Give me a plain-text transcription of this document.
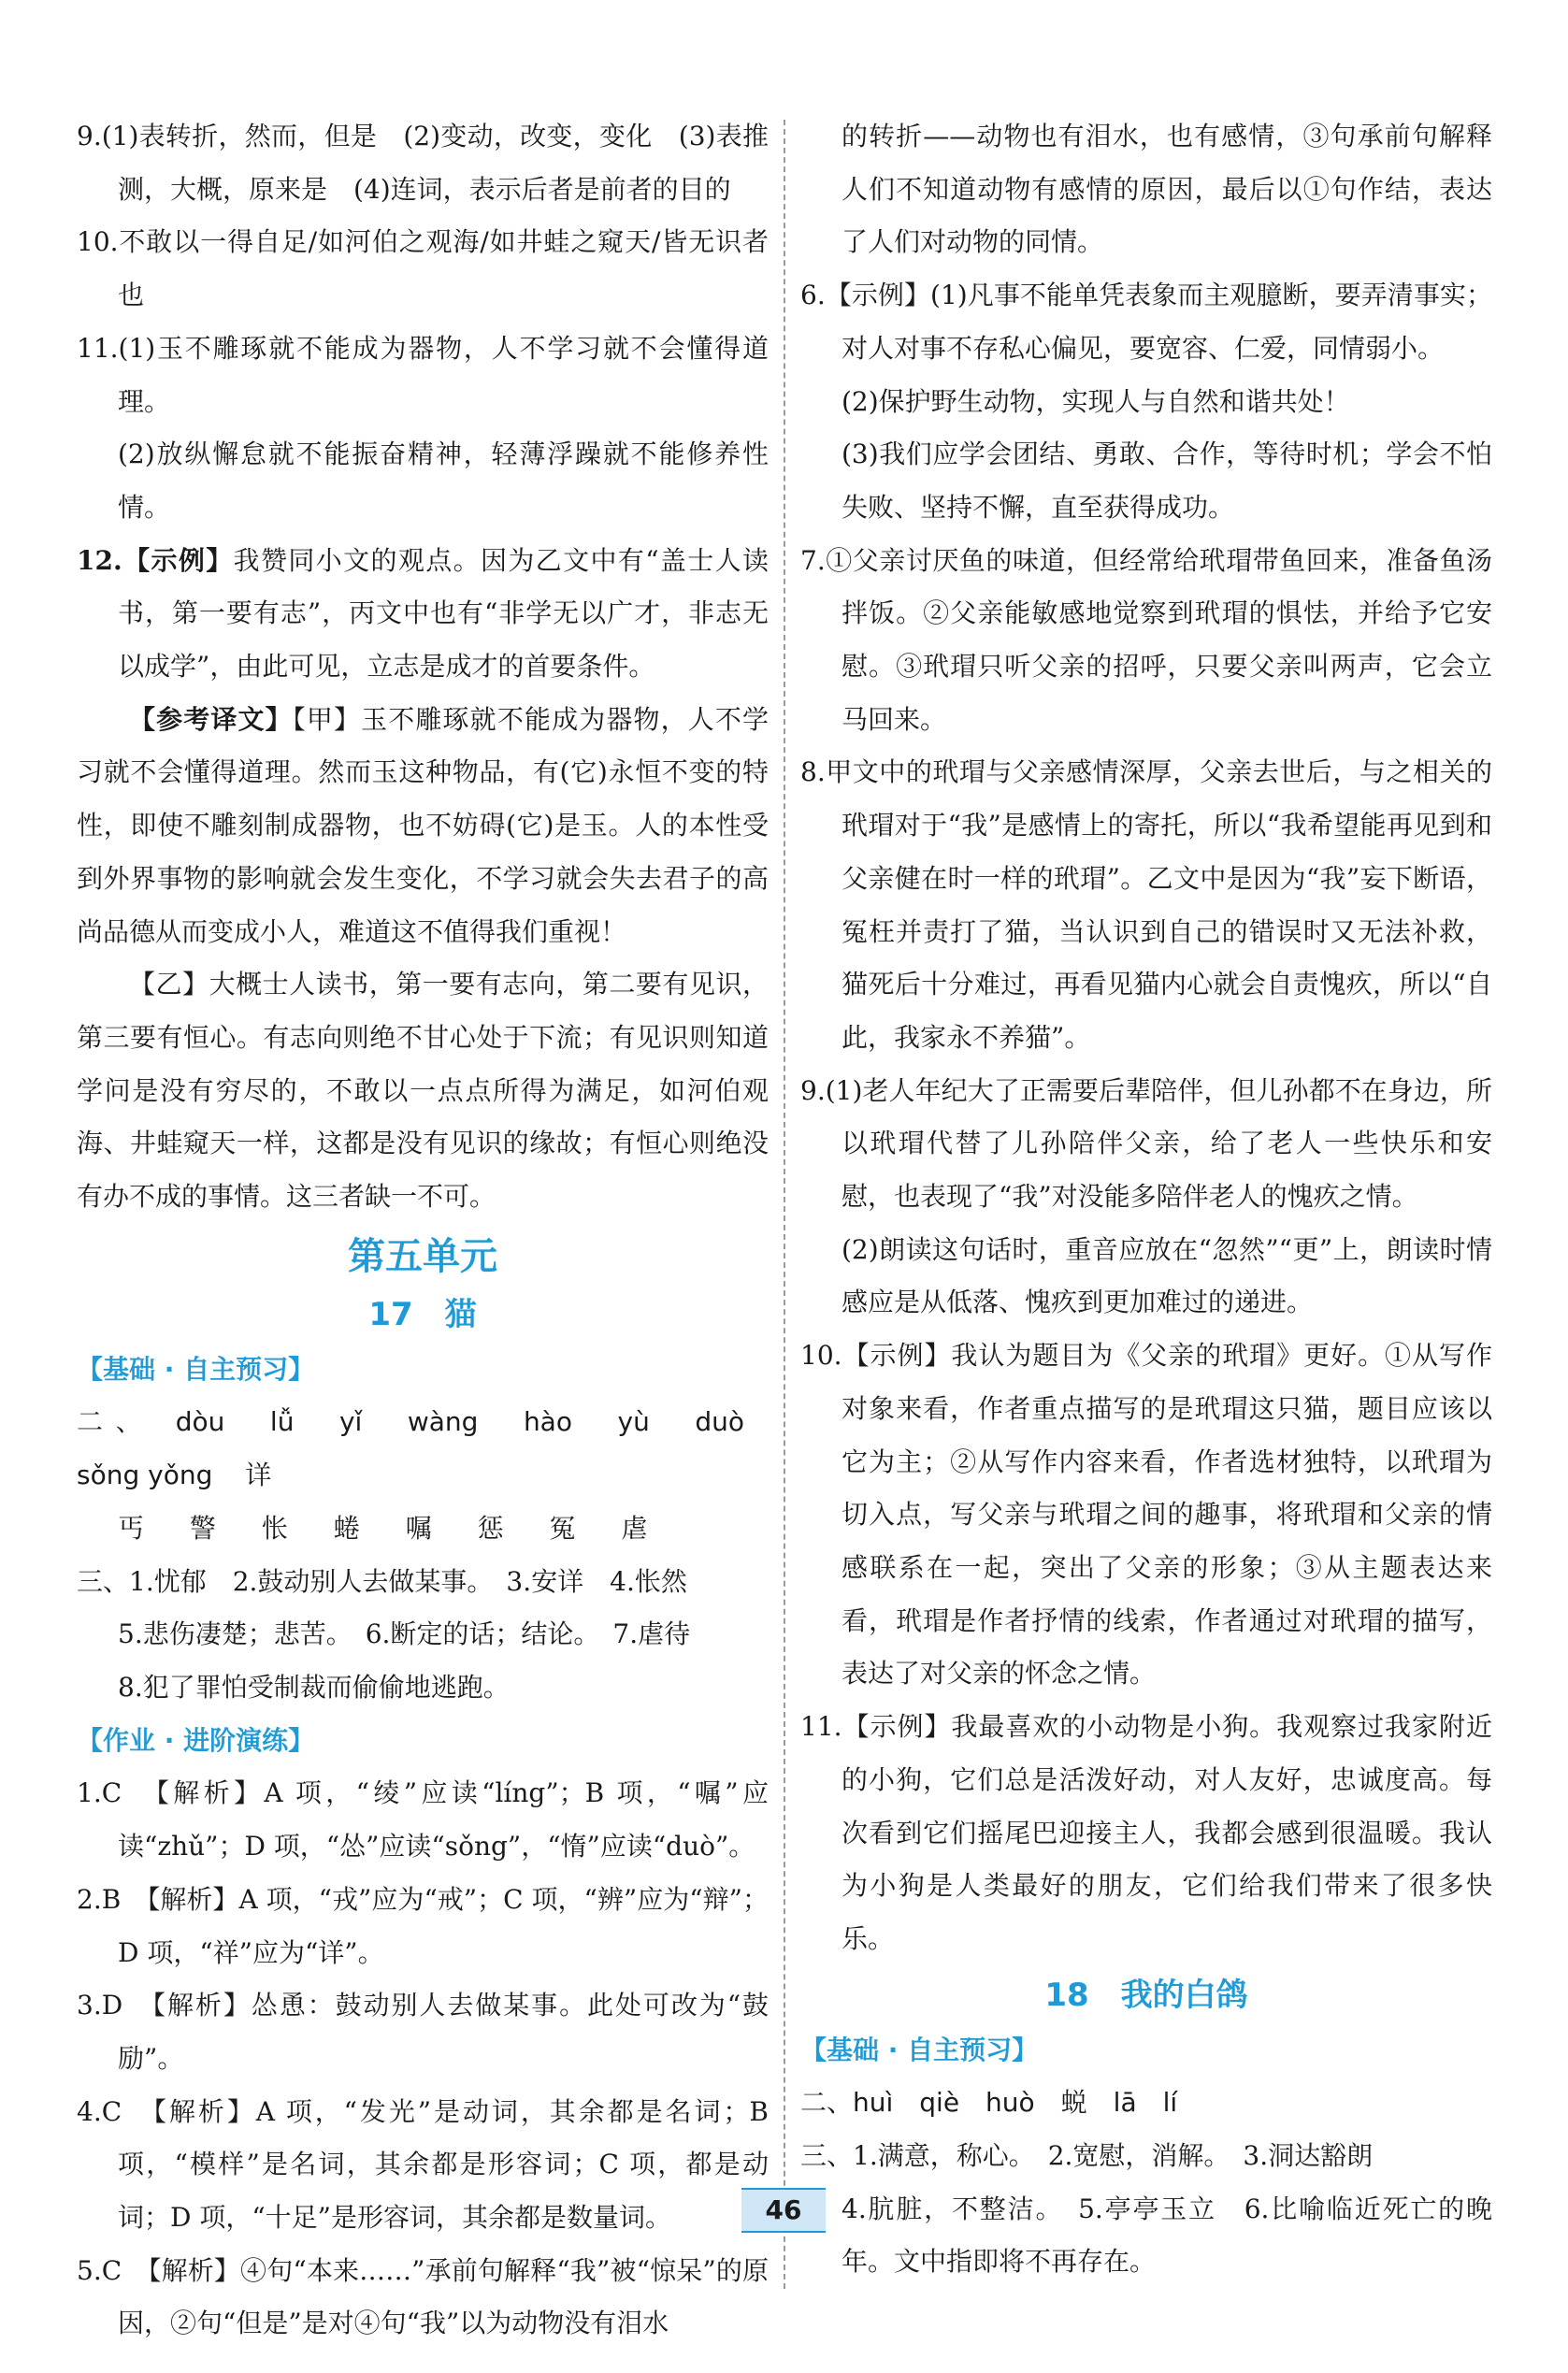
9.(1)表转折，然而，但是　(2)变动，改变，变化　(3)表推测，大概，原来是　(4)连词，表示后者是前者的目的
10.不敢以一得自足/如河伯之观海/如井蛙之窥天/皆无识者也
11.(1)玉不雕琢就不能成为器物，人不学习就不会懂得道理。
(2)放纵懈怠就不能振奋精神，轻薄浮躁就不能修养性情。
12.【示例】我赞同小文的观点。因为乙文中有“盖士人读书，第一要有志”，丙文中也有“非学无以广才，非志无以成学”，由此可见，立志是成才的首要条件。
【参考译文】【甲】玉不雕琢就不能成为器物，人不学习就不会懂得道理。然而玉这种物品，有(它)永恒不变的特性，即使不雕刻制成器物，也不妨碍(它)是玉。人的本性受到外界事物的影响就会发生变化，不学习就会失去君子的高尚品德从而变成小人，难道这不值得我们重视！
【乙】大概士人读书，第一要有志向，第二要有见识，第三要有恒心。有志向则绝不甘心处于下流；有见识则知道学问是没有穷尽的，不敢以一点点所得为满足，如河伯观海、井蛙窥天一样，这都是没有见识的缘故；有恒心则绝没有办不成的事情。这三者缺一不可。
第五单元
17　猫
【基础 · 自主预习】
二、 dòu lǚ yǐ wàng hào yù duò sǒng yǒng 详
丐 警 怅 蜷 嘱 惩 冤 虐
三、1.忧郁　2.鼓动别人去做某事。　3.安详　4.怅然
5.悲伤凄楚；悲苦。　6.断定的话；结论。　7.虐待
8.犯了罪怕受制裁而偷偷地逃跑。
【作业 · 进阶演练】
1.C　【解析】A 项，“绫”应读“líng”；B 项，“嘱”应读“zhǔ”；D 项，“怂”应读“sǒng”，“惰”应读“duò”。
2.B　【解析】A 项，“戎”应为“戒”；C 项，“辨”应为“辩”；D 项，“祥”应为“详”。
3.D　【解析】怂恿：鼓动别人去做某事。此处可改为“鼓励”。
4.C　【解析】A 项，“发光”是动词，其余都是名词；B 项，“模样”是名词，其余都是形容词；C 项，都是动词；D 项，“十足”是形容词，其余都是数量词。
5.C　【解析】④句“本来……”承前句解释“我”被“惊呆”的原因，②句“但是”是对④句“我”以为动物没有泪水
的转折——动物也有泪水，也有感情，③句承前句解释人们不知道动物有感情的原因，最后以①句作结，表达了人们对动物的同情。
6.【示例】(1)凡事不能单凭表象而主观臆断，要弄清事实；对人对事不存私心偏见，要宽容、仁爱，同情弱小。
(2)保护野生动物，实现人与自然和谐共处！
(3)我们应学会团结、勇敢、合作，等待时机；学会不怕失败、坚持不懈，直至获得成功。
7.①父亲讨厌鱼的味道，但经常给玳瑁带鱼回来，准备鱼汤拌饭。②父亲能敏感地觉察到玳瑁的惧怯，并给予它安慰。③玳瑁只听父亲的招呼，只要父亲叫两声，它会立马回来。
8.甲文中的玳瑁与父亲感情深厚，父亲去世后，与之相关的玳瑁对于“我”是感情上的寄托，所以“我希望能再见到和父亲健在时一样的玳瑁”。乙文中是因为“我”妄下断语，冤枉并责打了猫，当认识到自己的错误时又无法补救，猫死后十分难过，再看见猫内心就会自责愧疚，所以“自此，我家永不养猫”。
9.(1)老人年纪大了正需要后辈陪伴，但儿孙都不在身边，所以玳瑁代替了儿孙陪伴父亲，给了老人一些快乐和安慰，也表现了“我”对没能多陪伴老人的愧疚之情。
(2)朗读这句话时，重音应放在“忽然”“更”上，朗读时情感应是从低落、愧疚到更加难过的递进。
10.【示例】我认为题目为《父亲的玳瑁》更好。①从写作对象来看，作者重点描写的是玳瑁这只猫，题目应该以它为主；②从写作内容来看，作者选材独特，以玳瑁为切入点，写父亲与玳瑁之间的趣事，将玳瑁和父亲的情感联系在一起，突出了父亲的形象；③从主题表达来看，玳瑁是作者抒情的线索，作者通过对玳瑁的描写，表达了对父亲的怀念之情。
11.【示例】我最喜欢的小动物是小狗。我观察过我家附近的小狗，它们总是活泼好动，对人友好，忠诚度高。每次看到它们摇尾巴迎接主人，我都会感到很温暖。我认为小狗是人类最好的朋友，它们给我们带来了很多快乐。
18　我的白鸽
【基础 · 自主预习】
二、huì　qiè　huò　蜕　lā　lí
三、1.满意，称心。　2.宽慰，消解。　3.洞达豁朗
4.肮脏，不整洁。　5.亭亭玉立　6.比喻临近死亡的晚年。文中指即将不再存在。
46
